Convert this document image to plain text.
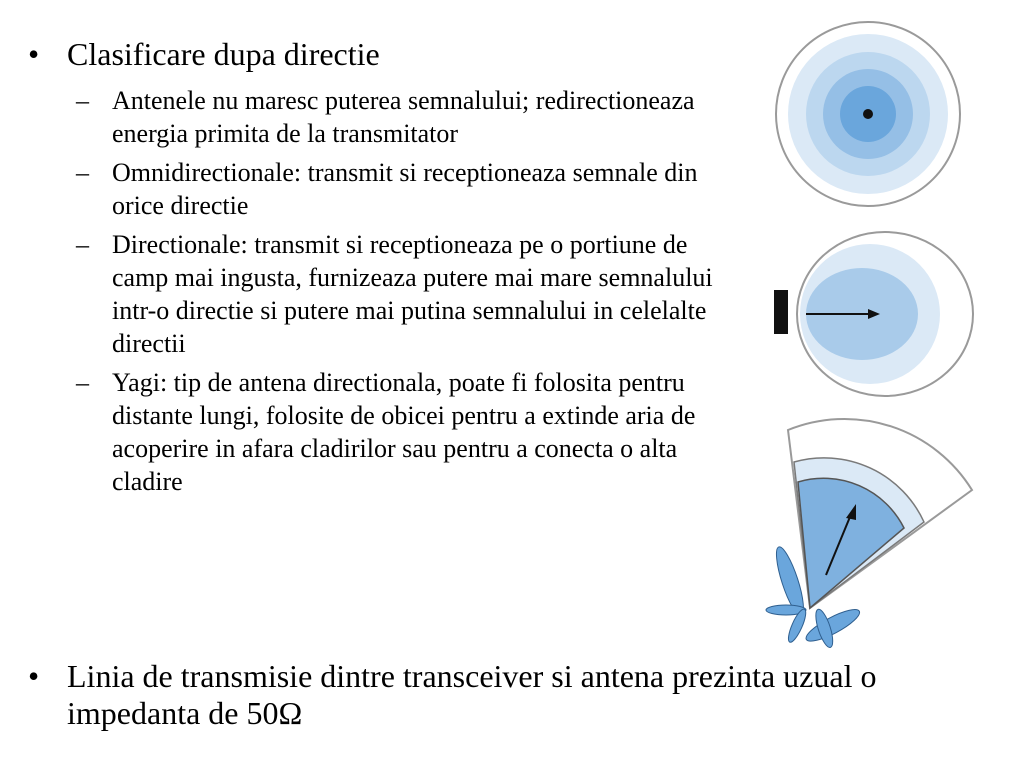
• Clasificare dupa directie
– Antenele nu maresc puterea semnalului; redirectioneaza energia primita de la transmitator
– Omnidirectionale: transmit si receptioneaza semnale din orice directie
– Directionale: transmit si receptioneaza pe o portiune de camp mai ingusta, furnizeaza putere mai mare semnalului intr-o directie si putere mai putina semnalului in celelalte directii
– Yagi: tip de antena directionala, poate fi folosita pentru distante lungi, folosite de obicei pentru a extinde aria de acoperire in afara cladirilor sau pentru a conecta o alta cladire
• Linia de transmisie dintre transceiver si antena prezinta uzual o impedanta de 50Ω
